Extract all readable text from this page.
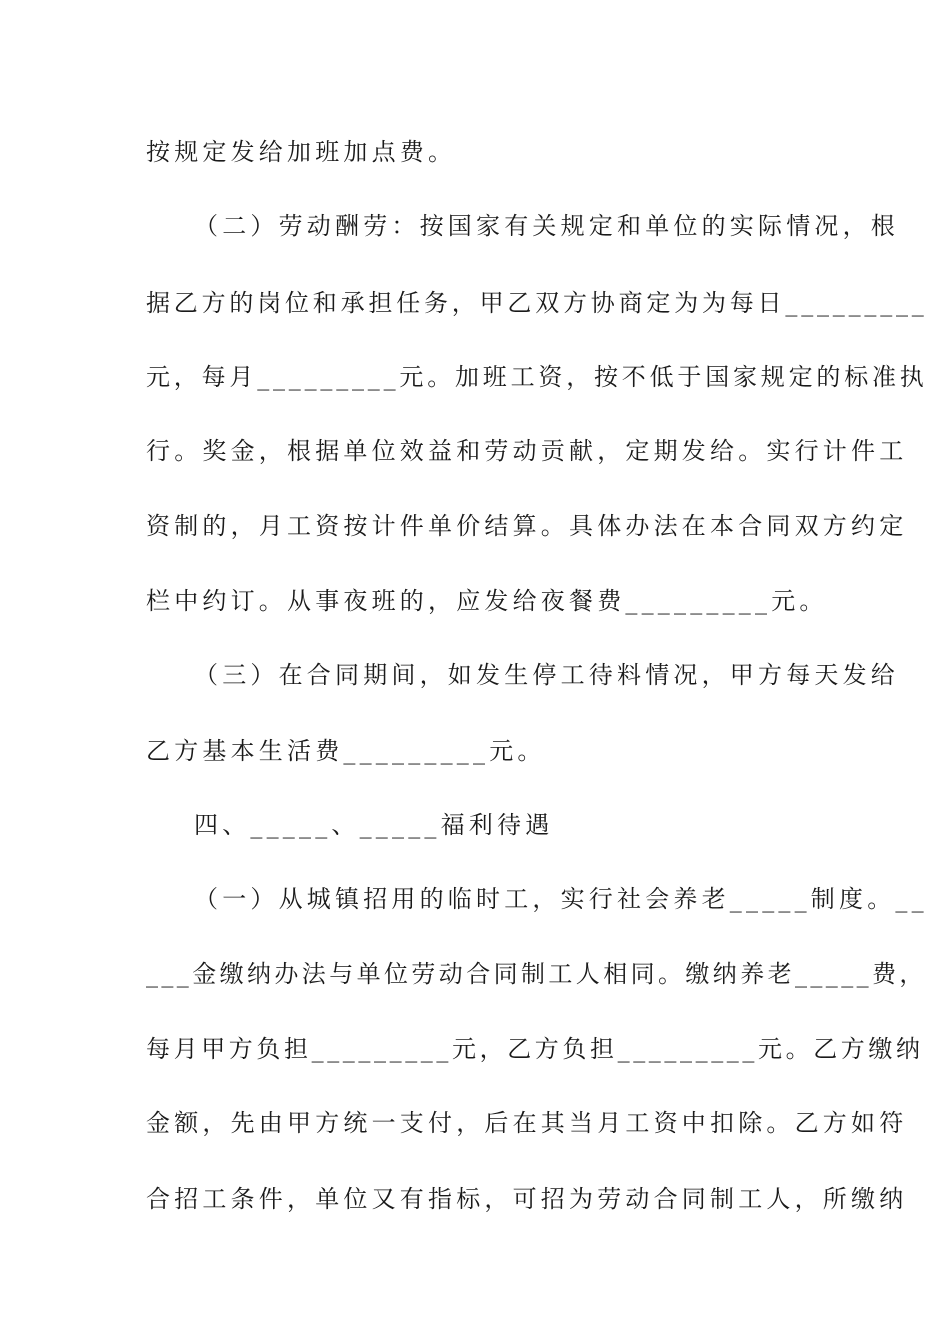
按规定发给加班加点费。
（二）劳动酬劳：按国家有关规定和单位的实际情况，根
据乙方的岗位和承担任务，甲乙双方协商定为为每日_________
元，每月_________元。加班工资，按不低于国家规定的标准执
行。奖金，根据单位效益和劳动贡献，定期发给。实行计件工
资制的，月工资按计件单价结算。具体办法在本合同双方约定
栏中约订。从事夜班的，应发给夜餐费_________元。
（三）在合同期间，如发生停工待料情况，甲方每天发给
乙方基本生活费_________元。
四、_____、_____福利待遇
（一）从城镇招用的临时工，实行社会养老_____制度。__
___金缴纳办法与单位劳动合同制工人相同。缴纳养老_____费，
每月甲方负担_________元，乙方负担_________元。乙方缴纳
金额，先由甲方统一支付，后在其当月工资中扣除。乙方如符
合招工条件，单位又有指标，可招为劳动合同制工人，所缴纳
